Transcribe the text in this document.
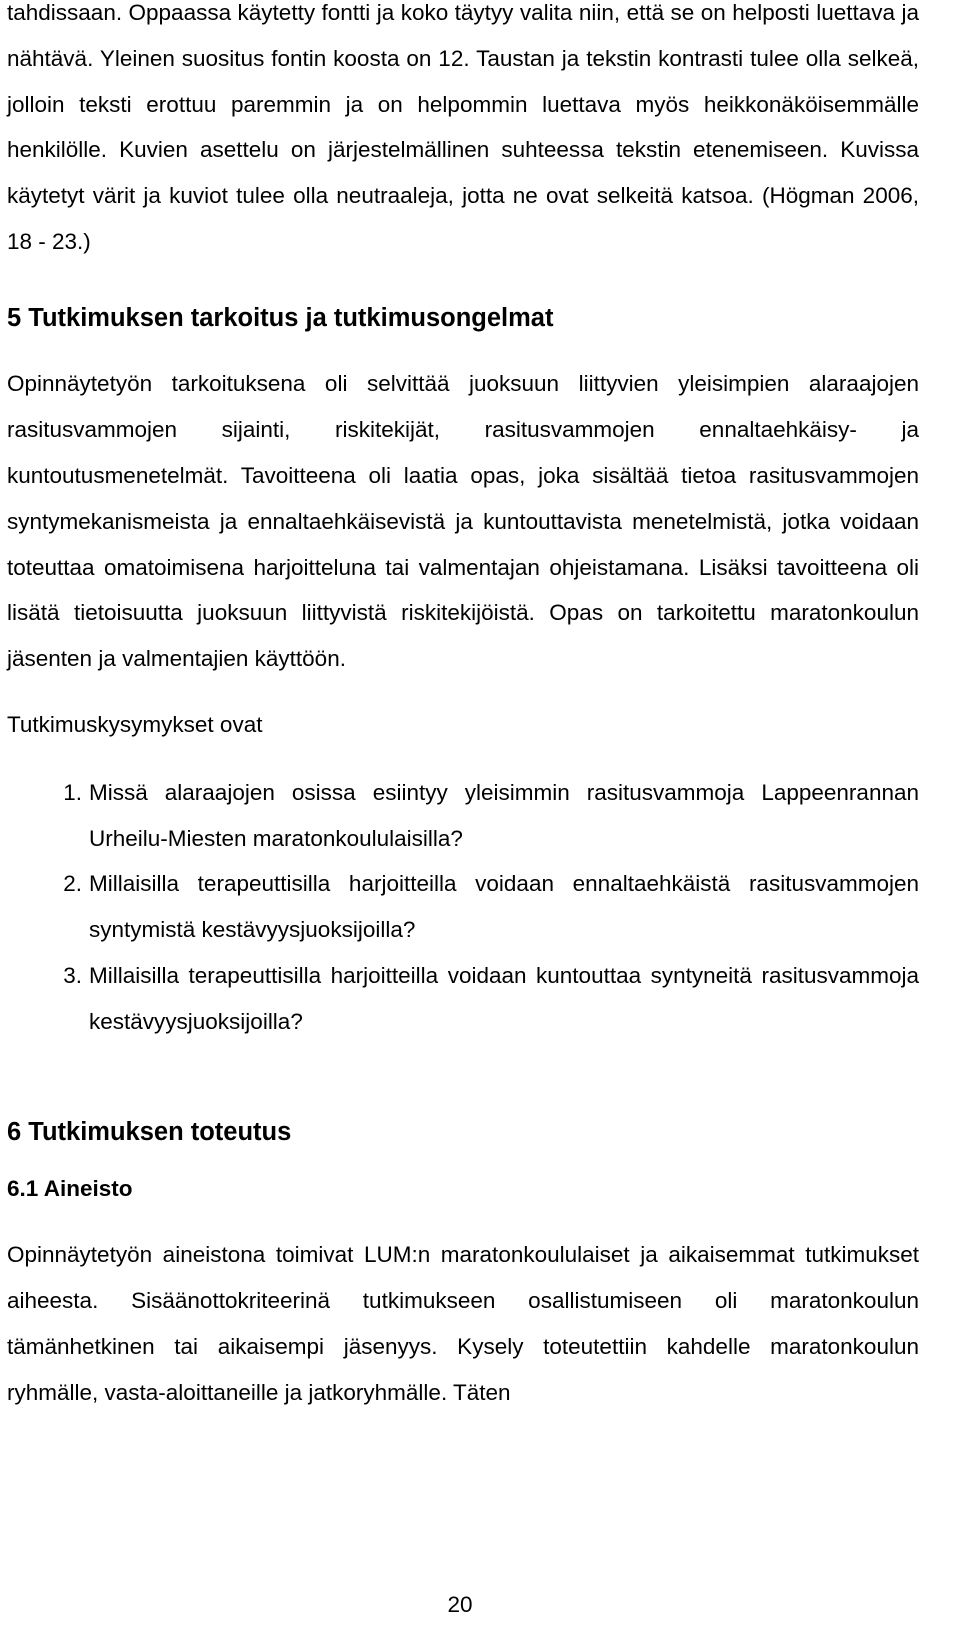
tahdissaan. Oppaassa käytetty fontti ja koko täytyy valita niin, että se on helposti luettava ja nähtävä. Yleinen suositus fontin koosta on 12. Taustan ja tekstin kontrasti tulee olla selkeä, jolloin teksti erottuu paremmin ja on helpommin luettava myös heikkonäköisemmälle henkilölle. Kuvien asettelu on järjestelmällinen suhteessa tekstin etenemiseen. Kuvissa käytetyt värit ja kuviot tulee olla neutraaleja, jotta ne ovat selkeitä katsoa. (Högman 2006, 18 - 23.)

5 Tutkimuksen tarkoitus ja tutkimusongelmat

Opinnäytetyön tarkoituksena oli selvittää juoksuun liittyvien yleisimpien alaraajojen rasitusvammojen sijainti, riskitekijät, rasitusvammojen ennaltaehkäisy- ja kuntoutusmenetelmät. Tavoitteena oli laatia opas, joka sisältää tietoa rasitusvammojen syntymekanismeista ja ennaltaehkäisevistä ja kuntouttavista menetelmistä, jotka voidaan toteuttaa omatoimisena harjoitteluna tai valmentajan ohjeistamana. Lisäksi tavoitteena oli lisätä tietoisuutta juoksuun liittyvistä riskitekijöistä. Opas on tarkoitettu maratonkoulun jäsenten ja valmentajien käyttöön.

Tutkimuskysymykset ovat

1. Missä alaraajojen osissa esiintyy yleisimmin rasitusvammoja Lappeenrannan Urheilu-Miesten maratonkoululaisilla?
2. Millaisilla terapeuttisilla harjoitteilla voidaan ennaltaehkäistä rasitusvammojen syntymistä kestävyysjuoksijoilla?
3. Millaisilla terapeuttisilla harjoitteilla voidaan kuntouttaa syntyneitä rasitusvammoja kestävyysjuoksijoilla?
6 Tutkimuksen toteutus
6.1 Aineisto

Opinnäytetyön aineistona toimivat LUM:n maratonkoululaiset ja aikaisemmat tutkimukset aiheesta. Sisäänottokriteerinä tutkimukseen osallistumiseen oli maratonkoulun tämänhetkinen tai aikaisempi jäsenyys. Kysely toteutettiin kahdelle maratonkoulun ryhmälle, vasta-aloittaneille ja jatkoryhmälle. Täten

20
